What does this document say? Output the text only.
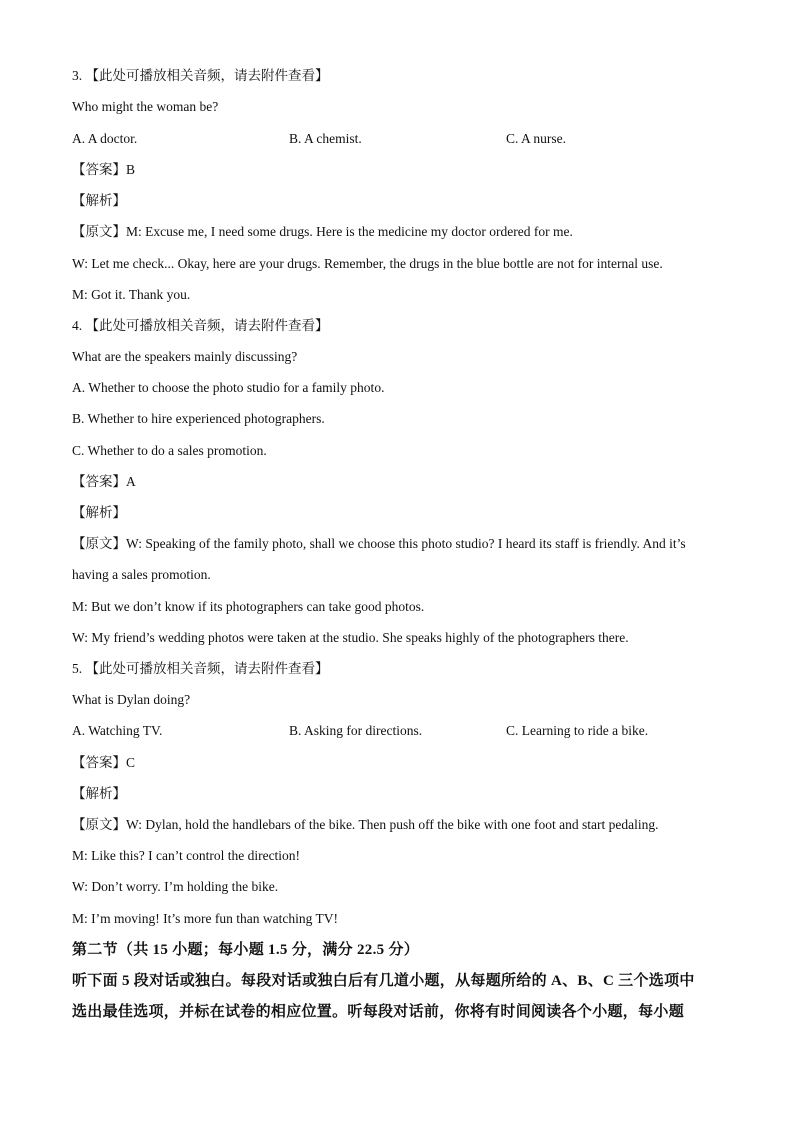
3. 【此处可播放相关音频，请去附件查看】
Who might the woman be?
A. A doctor.	B. A chemist.	C. A nurse.
【答案】B
【解析】
【原文】M: Excuse me, I need some drugs. Here is the medicine my doctor ordered for me.
W: Let me check... Okay, here are your drugs. Remember, the drugs in the blue bottle are not for internal use.
M: Got it. Thank you.
4. 【此处可播放相关音频，请去附件查看】
What are the speakers mainly discussing?
A. Whether to choose the photo studio for a family photo.
B. Whether to hire experienced photographers.
C. Whether to do a sales promotion.
【答案】A
【解析】
【原文】W: Speaking of the family photo, shall we choose this photo studio? I heard its staff is friendly. And it’s
having a sales promotion.
M: But we don’t know if its photographers can take good photos.
W: My friend’s wedding photos were taken at the studio. She speaks highly of the photographers there.
5. 【此处可播放相关音频，请去附件查看】
What is Dylan doing?
A. Watching TV.	B. Asking for directions.	C. Learning to ride a bike.
【答案】C
【解析】
【原文】W: Dylan, hold the handlebars of the bike. Then push off the bike with one foot and start pedaling.
M: Like this? I can’t control the direction!
W: Don’t worry. I’m holding the bike.
M: I’m moving! It’s more fun than watching TV!
第二节（共 15 小题；每小题 1.5 分，满分 22.5 分）
听下面 5 段对话或独白。每段对话或独白后有几道小题，从每题所给的 A、B、C 三个选项中
选出最佳选项，并标在试卷的相应位置。听每段对话前，你将有时间阅读各个小题，每小题
